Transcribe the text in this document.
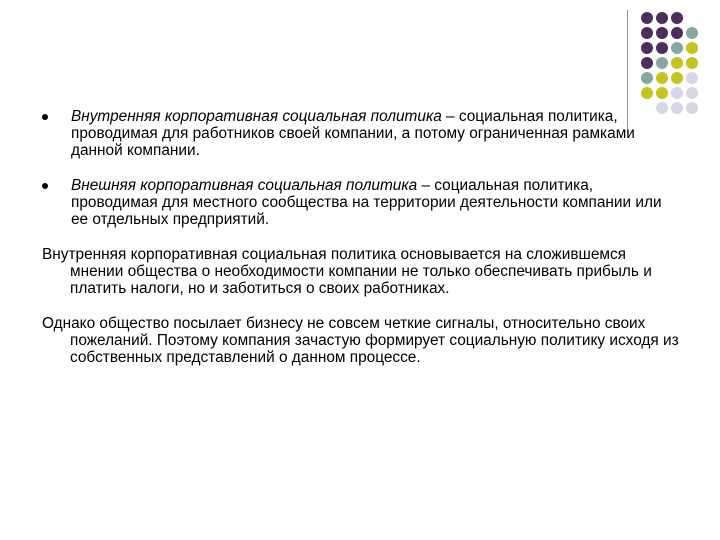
Внутренняя корпоративная социальная политика – социальная политика, проводимая для работников своей компании, а потому ограниченная рамками данной компании.
Внешняя корпоративная социальная политика – социальная политика, проводимая для местного сообщества на территории деятельности компании или ее отдельных предприятий.
Внутренняя корпоративная социальная политика основывается на сложившемся мнении общества о необходимости компании не только обеспечивать прибыль и платить налоги, но и заботиться о своих работниках.
Однако общество посылает бизнесу не совсем четкие сигналы, относительно своих пожеланий. Поэтому компания зачастую формирует социальную политику исходя из собственных представлений о данном процессе.
